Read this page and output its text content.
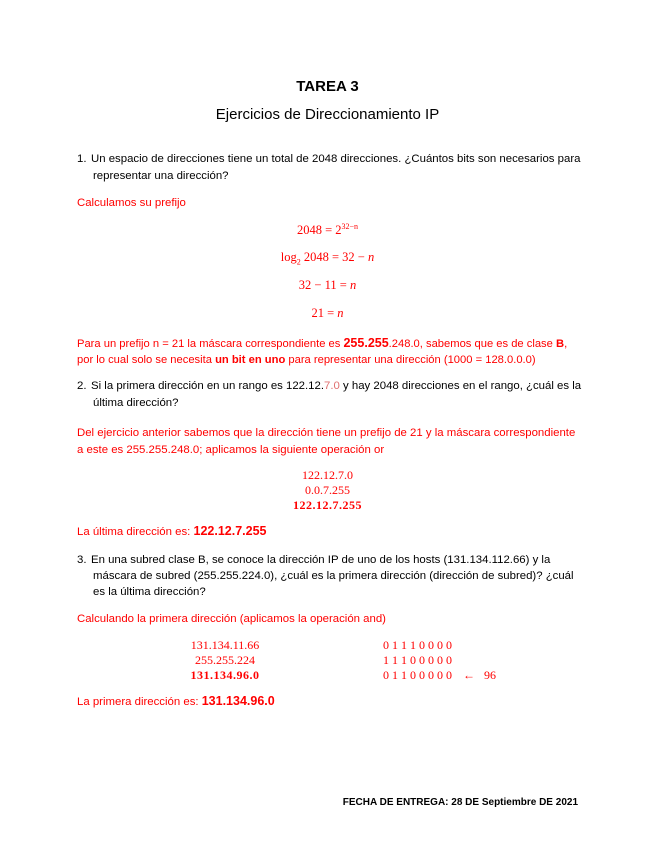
TAREA 3
Ejercicios de Direccionamiento IP
1. Un espacio de direcciones tiene un total de 2048 direcciones. ¿Cuántos bits son necesarios para
representar una dirección?
Calculamos su prefijo
$2048 = 2^{32-n}$
$\log_2 2048 = 32 - n$
32 − 11 = n
21 = n
Para un prefijo n = 21 la máscara correspondiente es 255.255.248.0, sabemos que es de clase B,
por lo cual solo se necesita un bit en uno para representar una dirección (1000 = 128.0.0.0)
2. Si la primera dirección en un rango es 122.12.7.0 y hay 2048 direcciones en el rango, ¿cuál es la
última dirección?
Del ejercicio anterior sabemos que la dirección tiene un prefijo de 21 y la máscara correspondiente
a este es 255.255.248.0; aplicamos la siguiente operación or
122.12.7.0
0.0.7.255
122.12.7.255
La última dirección es: 122.12.7.255
3. En una subred clase B, se conoce la dirección IP de uno de los hosts (131.134.112.66) y la
máscara de subred (255.255.224.0), ¿cuál es la primera dirección (dirección de subred)? ¿cuál
es la última dirección?
Calculando la primera dirección (aplicamos la operación and)
131.134.11.66
255.255.224
131.134.96.0
0 1 1 1 0 0 0 0
1 1 1 0 0 0 0 0
0 1 1 0 0 0 0 0 ← 96
La primera dirección es: 131.134.96.0
FECHA DE ENTREGA: 28 DE Septiembre DE 2021
